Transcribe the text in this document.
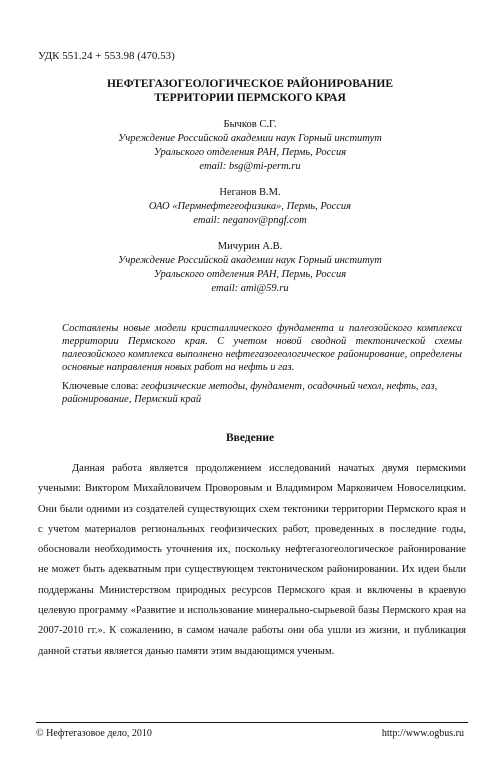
УДК 551.24 + 553.98 (470.53)
НЕФТЕГАЗОГЕОЛОГИЧЕСКОЕ РАЙОНИРОВАНИЕ
ТЕРРИТОРИИ ПЕРМСКОГО КРАЯ
Бычков С.Г.
Учреждение Российской академии наук Горный институт
Уральского отделения РАН, Пермь, Россия
email: bsg@mi-perm.ru
Неганов В.М.
ОАО «Пермнефтегеофизика», Пермь, Россия
email: neganov@pngf.com
Мичурин А.В.
Учреждение Российской академии наук Горный институт
Уральского отделения РАН, Пермь, Россия
email: ami@59.ru
Составлены новые модели кристаллического фундамента и палеозойского комплекса территории Пермского края. С учетом новой сводной тектонической схемы палеозойского комплекса выполнено нефтегазогеологическое районирование, определены основные направления новых работ на нефть и газ.
Ключевые слова: геофизические методы, фундамент, осадочный чехол, нефть, газ, районирование, Пермский край
Введение

Данная работа является продолжением исследований начатых двумя пермскими учеными: Виктором Михайловичем Проворовым и Владимиром Марковичем Новоселицким. Они были одними из создателей существующих схем тектоники территории Пермского края и с учетом материалов региональных геофизических работ, проведенных в последние годы, обосновали необходимость уточнения их, поскольку нефтегазогеологическое районирование не может быть адекватным при существующем тектоническом районировании. Их идеи были поддержаны Министерством природных ресурсов Пермского края и включены в краевую целевую программу «Развитие и использование минерально-сырьевой базы Пермского края на 2007-2010 гг.». К сожалению, в самом начале работы они оба ушли из жизни, и публикация данной статьи является данью памяти этим выдающимся ученым.

© Нефтегазовое дело, 2010	http://www.ogbus.ru
